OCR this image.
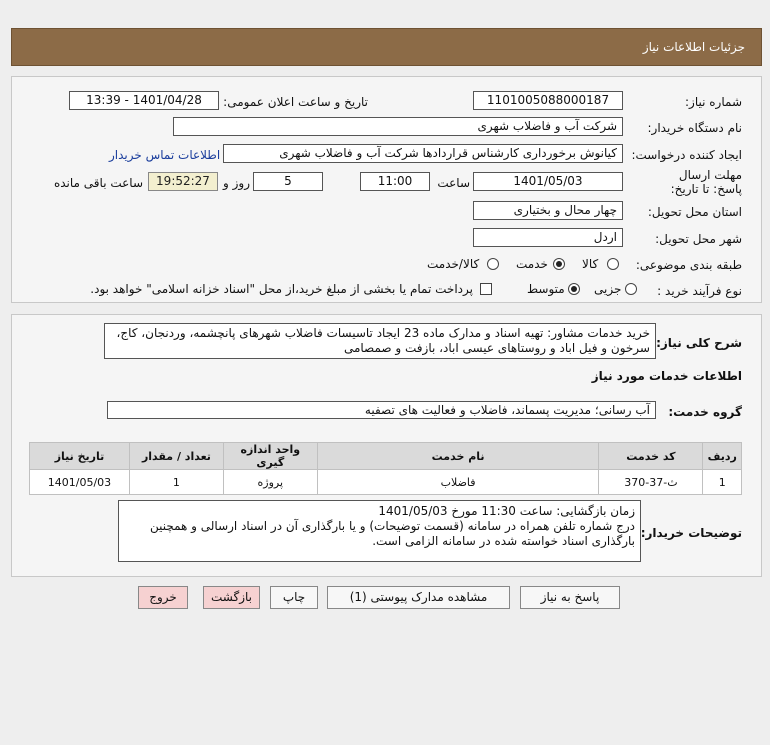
جزئیات اطلاعات نیاز
شماره نیاز:
1101005088000187
تاریخ و ساعت اعلان عمومی:
1401/04/28 - 13:39
نام دستگاه خریدار:
شرکت آب و فاضلاب شهری
ایجاد کننده درخواست:
کیانوش برخورداری کارشناس قراردادها شرکت آب و فاضلاب شهری
اطلاعات تماس خریدار
مهلت ارسال پاسخ: تا تاریخ:
1401/05/03
ساعت
11:00
5
روز و
19:52:27
ساعت باقی مانده
استان محل تحویل:
چهار محال و بختیاری
شهر محل تحویل:
اردل
طبقه بندی موضوعی:
کالا
خدمت
کالا/خدمت
نوع فرآیند خرید :
جزیی
متوسط
پرداخت تمام یا بخشی از مبلغ خرید،از محل "اسناد خزانه اسلامی" خواهد بود.
شرح کلی نیاز:
خرید خدمات مشاور: تهیه اسناد و مدارک ماده 23 ایجاد تاسیسات فاضلاب شهرهای پانچشمه، وردنجان، کاج، سرخون و فیل اباد و روستاهای عیسی اباد، بازفت و صمصامی
اطلاعات خدمات مورد نیاز
گروه خدمت:
آب رسانی؛ مدیریت پسماند، فاضلاب و فعالیت های تصفیه
ردیف	کد خدمت	نام خدمت	واحد اندازه گیری	تعداد / مقدار	تاریخ نیاز
1	ث-37-370	فاضلاب	پروژه	1	1401/05/03
توضیحات خریدار:
زمان بازگشایی: ساعت 11:30 مورخ 1401/05/03
درج شماره تلفن همراه در سامانه (قسمت توضیحات) و یا بارگذاری آن در اسناد ارسالی و همچنین بارگذاری اسناد خواسته شده در سامانه الزامی است.
پاسخ به نیاز
مشاهده مدارک پیوستی (1)
چاپ
بازگشت
خروج
